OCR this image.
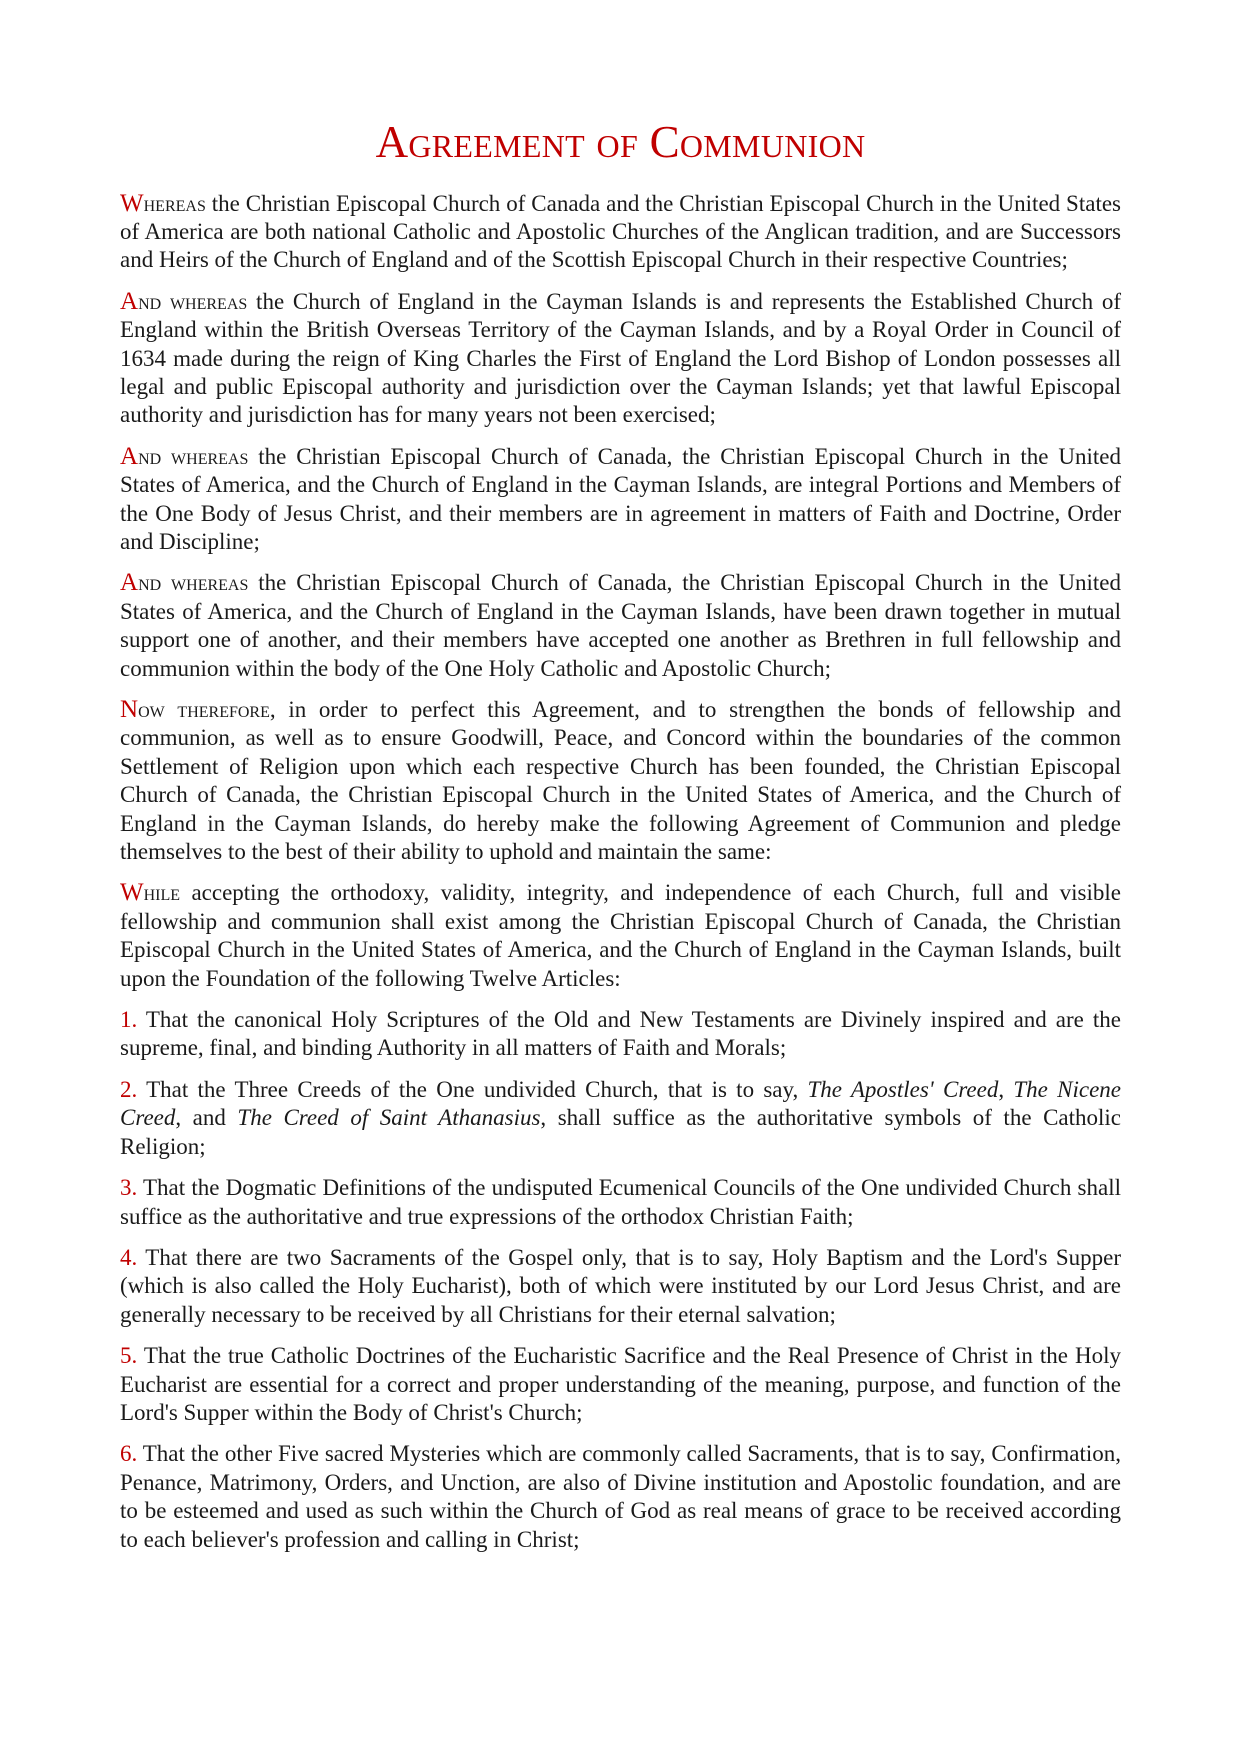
Agreement of Communion

Whereas the Christian Episcopal Church of Canada and the Christian Episcopal Church in the United States of America are both national Catholic and Apostolic Churches of the Anglican tradition, and are Successors and Heirs of the Church of England and of the Scottish Episcopal Church in their respective Countries;

And whereas the Church of England in the Cayman Islands is and represents the Established Church of England within the British Overseas Territory of the Cayman Islands, and by a Royal Order in Council of 1634 made during the reign of King Charles the First of England the Lord Bishop of London possesses all legal and public Episcopal authority and jurisdiction over the Cayman Islands; yet that lawful Episcopal authority and jurisdiction has for many years not been exercised;

And whereas the Christian Episcopal Church of Canada, the Christian Episcopal Church in the United States of America, and the Church of England in the Cayman Islands, are integral Portions and Members of the One Body of Jesus Christ, and their members are in agreement in matters of Faith and Doctrine, Order and Discipline;

And whereas the Christian Episcopal Church of Canada, the Christian Episcopal Church in the United States of America, and the Church of England in the Cayman Islands, have been drawn together in mutual support one of another, and their members have accepted one another as Brethren in full fellowship and communion within the body of the One Holy Catholic and Apostolic Church;

Now therefore, in order to perfect this Agreement, and to strengthen the bonds of fellowship and communion, as well as to ensure Goodwill, Peace, and Concord within the boundaries of the common Settlement of Religion upon which each respective Church has been founded, the Christian Episcopal Church of Canada, the Christian Episcopal Church in the United States of America, and the Church of England in the Cayman Islands, do hereby make the following Agreement of Communion and pledge themselves to the best of their ability to uphold and maintain the same:

While accepting the orthodoxy, validity, integrity, and independence of each Church, full and visible fellowship and communion shall exist among the Christian Episcopal Church of Canada, the Christian Episcopal Church in the United States of America, and the Church of England in the Cayman Islands, built upon the Foundation of the following Twelve Articles:

1. That the canonical Holy Scriptures of the Old and New Testaments are Divinely inspired and are the supreme, final, and binding Authority in all matters of Faith and Morals;

2. That the Three Creeds of the One undivided Church, that is to say, The Apostles' Creed, The Nicene Creed, and The Creed of Saint Athanasius, shall suffice as the authoritative symbols of the Catholic Religion;

3. That the Dogmatic Definitions of the undisputed Ecumenical Councils of the One undivided Church shall suffice as the authoritative and true expressions of the orthodox Christian Faith;

4. That there are two Sacraments of the Gospel only, that is to say, Holy Baptism and the Lord's Supper (which is also called the Holy Eucharist), both of which were instituted by our Lord Jesus Christ, and are generally necessary to be received by all Christians for their eternal salvation;

5. That the true Catholic Doctrines of the Eucharistic Sacrifice and the Real Presence of Christ in the Holy Eucharist are essential for a correct and proper understanding of the meaning, purpose, and function of the Lord's Supper within the Body of Christ's Church;

6. That the other Five sacred Mysteries which are commonly called Sacraments, that is to say, Confirmation, Penance, Matrimony, Orders, and Unction, are also of Divine institution and Apostolic foundation, and are to be esteemed and used as such within the Church of God as real means of grace to be received according to each believer's profession and calling in Christ;
